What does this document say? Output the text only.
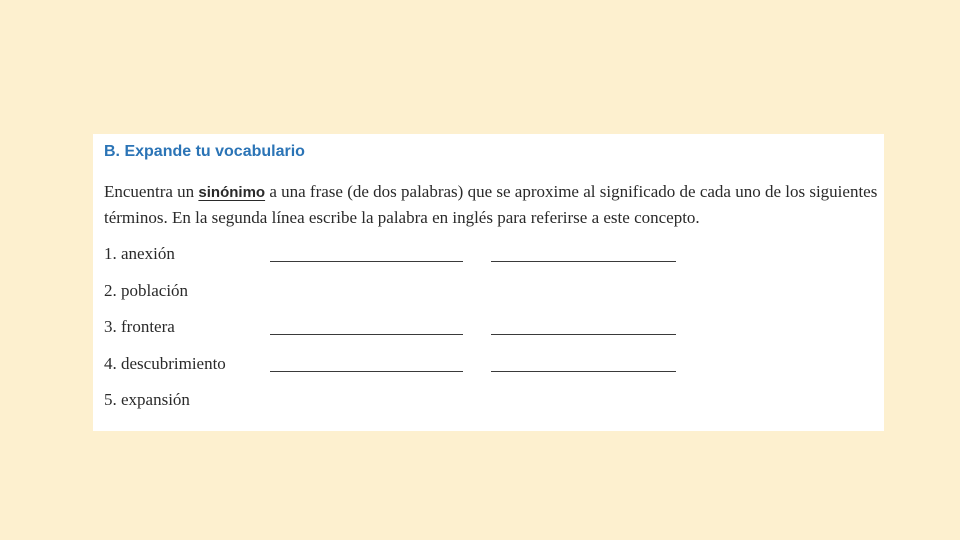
B. Expande tu vocabulario

Encuentra un sinónimo a una frase (de dos palabras) que se aproxime al significado de cada uno de los siguientes términos. En la segunda línea escribe la palabra en inglés para referirse a este concepto.

1. anexión
2. población
3. frontera
4. descubrimiento
5. expansión
